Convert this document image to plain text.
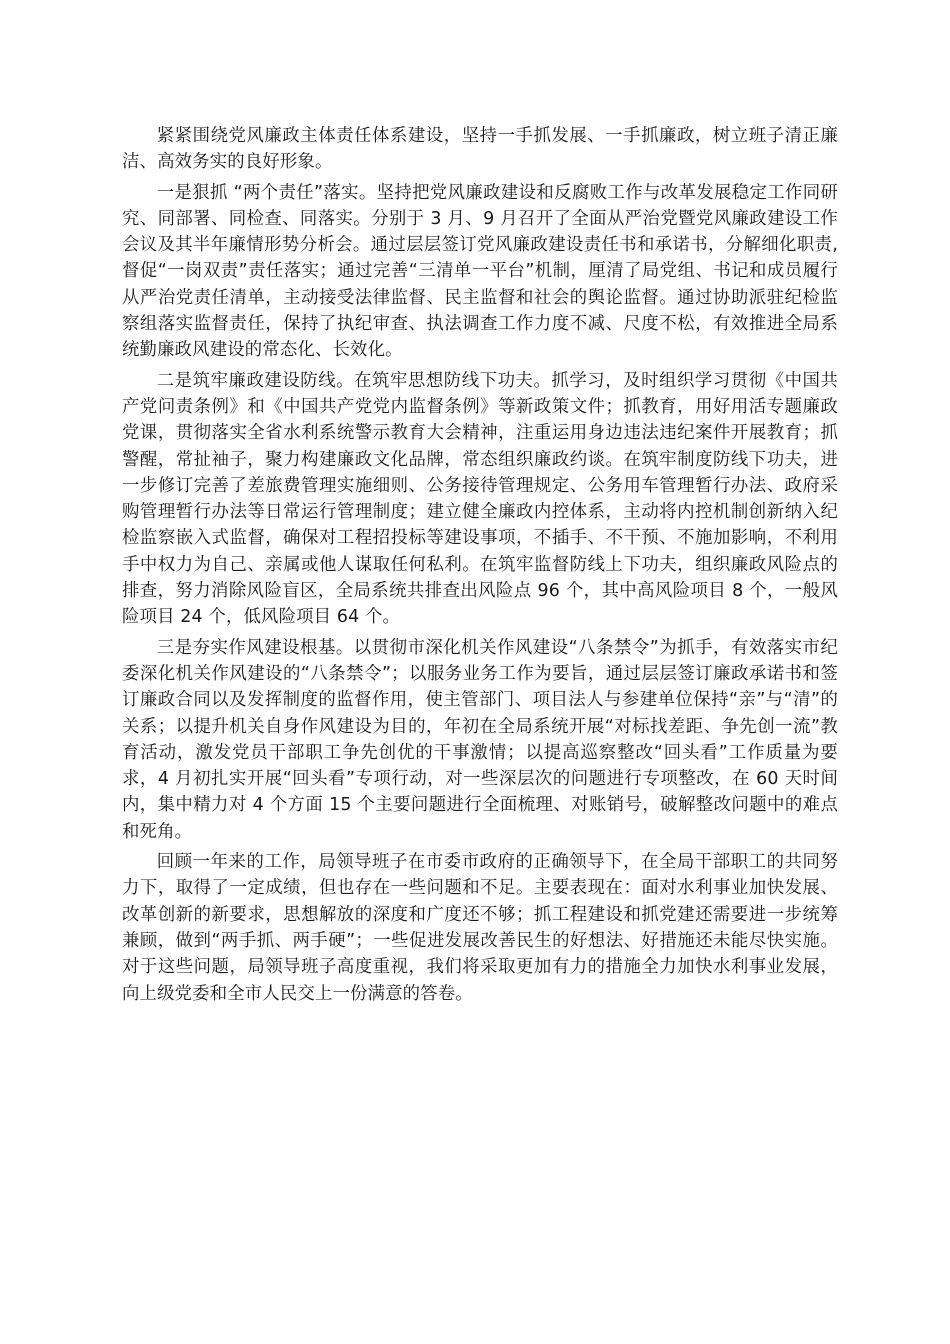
紧紧围绕党风廉政主体责任体系建设，坚持一手抓发展、一手抓廉政，树立班子清正廉洁、高效务实的良好形象。

一是狠抓 “两个责任”落实。坚持把党风廉政建设和反腐败工作与改革发展稳定工作同研究、同部署、同检查、同落实。分别于 3 月、9 月召开了全面从严治党暨党风廉政建设工作会议及其半年廉情形势分析会。通过层层签订党风廉政建设责任书和承诺书，分解细化职责,督促“一岗双责”责任落实；通过完善“三清单一平台”机制，厘清了局党组、书记和成员履行从严治党责任清单，主动接受法律监督、民主监督和社会的舆论监督。通过协助派驻纪检监察组落实监督责任，保持了执纪审查、执法调查工作力度不减、尺度不松，有效推进全局系统勤廉政风建设的常态化、长效化。

二是筑牢廉政建设防线。在筑牢思想防线下功夫。抓学习，及时组织学习贯彻《中国共产党问责条例》和《中国共产党党内监督条例》等新政策文件；抓教育，用好用活专题廉政党课，贯彻落实全省水利系统警示教育大会精神，注重运用身边违法违纪案件开展教育；抓警醒，常扯袖子，聚力构建廉政文化品牌，常态组织廉政约谈。在筑牢制度防线下功夫，进一步修订完善了差旅费管理实施细则、公务接待管理规定、公务用车管理暂行办法、政府采购管理暂行办法等日常运行管理制度；建立健全廉政内控体系，主动将内控机制创新纳入纪检监察嵌入式监督，确保对工程招投标等建设事项，不插手、不干预、不施加影响，不利用手中权力为自己、亲属或他人谋取任何私利。在筑牢监督防线上下功夫，组织廉政风险点的排查，努力消除风险盲区，全局系统共排查出风险点 96 个，其中高风险项目 8 个，一般风险项目 24 个，低风险项目 64 个。

三是夯实作风建设根基。以贯彻市深化机关作风建设“八条禁令”为抓手，有效落实市纪委深化机关作风建设的“八条禁令”；以服务业务工作为要旨，通过层层签订廉政承诺书和签订廉政合同以及发挥制度的监督作用，使主管部门、项目法人与参建单位保持“亲”与“清”的关系；以提升机关自身作风建设为目的，年初在全局系统开展“对标找差距、争先创一流”教育活动，激发党员干部职工争先创优的干事激情；以提高巡察整改“回头看”工作质量为要求，4 月初扎实开展“回头看”专项行动，对一些深层次的问题进行专项整改，在 60 天时间内，集中精力对 4 个方面 15 个主要问题进行全面梳理、对账销号，破解整改问题中的难点和死角。

回顾一年来的工作，局领导班子在市委市政府的正确领导下，在全局干部职工的共同努力下，取得了一定成绩，但也存在一些问题和不足。主要表现在：面对水利事业加快发展、改革创新的新要求，思想解放的深度和广度还不够；抓工程建设和抓党建还需要进一步统筹兼顾，做到“两手抓、两手硬”；一些促进发展改善民生的好想法、好措施还未能尽快实施。对于这些问题，局领导班子高度重视，我们将采取更加有力的措施全力加快水利事业发展，向上级党委和全市人民交上一份满意的答卷。
